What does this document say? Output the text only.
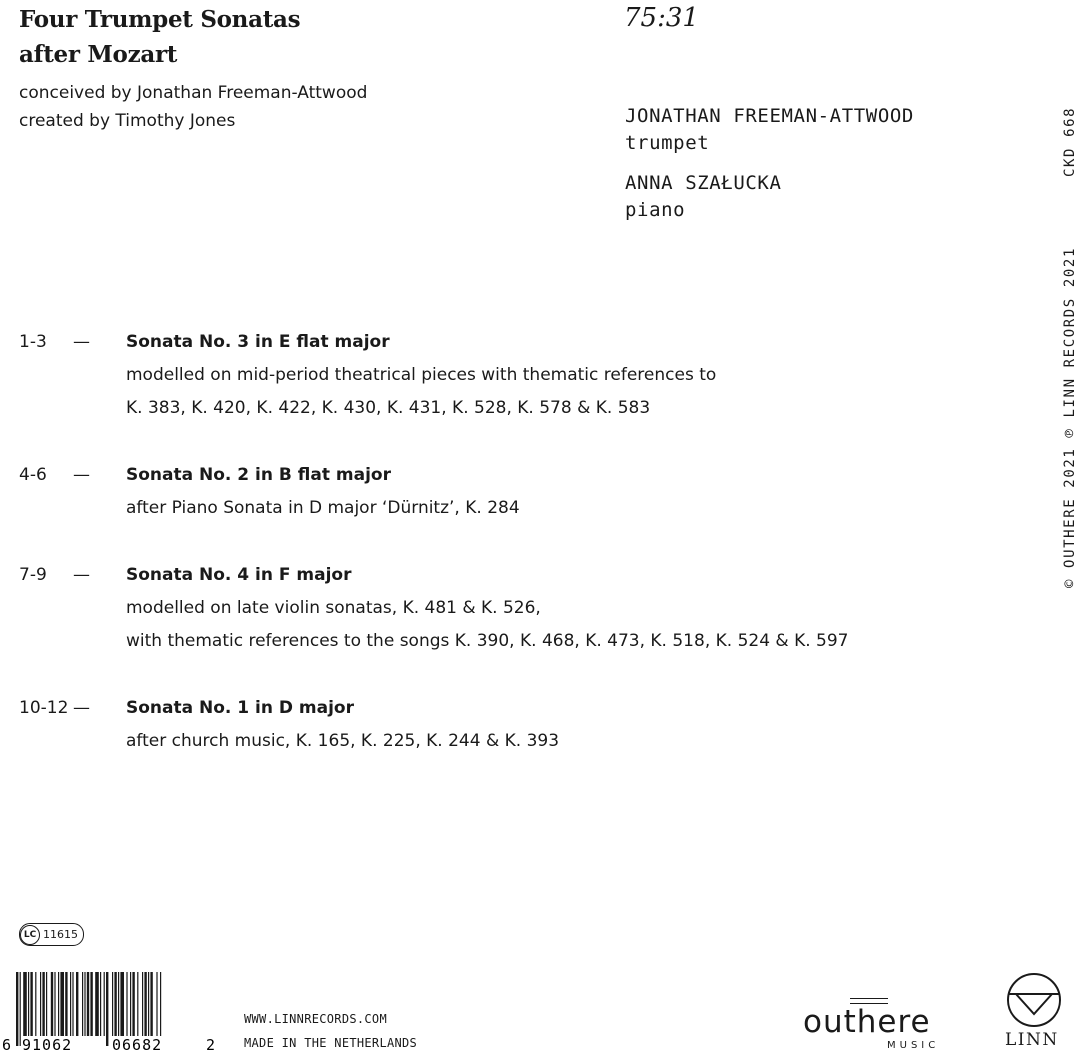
Four Trumpet Sonatas
after Mozart
conceived by Jonathan Freeman-Attwood
created by Timothy Jones
75:31
JONATHAN FREEMAN-ATTWOOD
trumpet
ANNA SZAŁUCKA
piano
CKD 668
© OUTHERE 2021 ℗ LINN RECORDS 2021
1-3 — Sonata No. 3 in E flat major
modelled on mid-period theatrical pieces with thematic references to
K. 383, K. 420, K. 422, K. 430, K. 431, K. 528, K. 578 & K. 583
4-6 — Sonata No. 2 in B flat major
after Piano Sonata in D major ‘Dürnitz’, K. 284
7-9 — Sonata No. 4 in F major
modelled on late violin sonatas, K. 481 & K. 526,
with thematic references to the songs K. 390, K. 468, K. 473, K. 518, K. 524 & K. 597
10-12 — Sonata No. 1 in D major
after church music, K. 165, K. 225, K. 244 & K. 393
LC 11615
6 91062	06682	2
WWW.LINNRECORDS.COM
MADE IN THE NETHERLANDS
outhere
MUSIC	LINN
